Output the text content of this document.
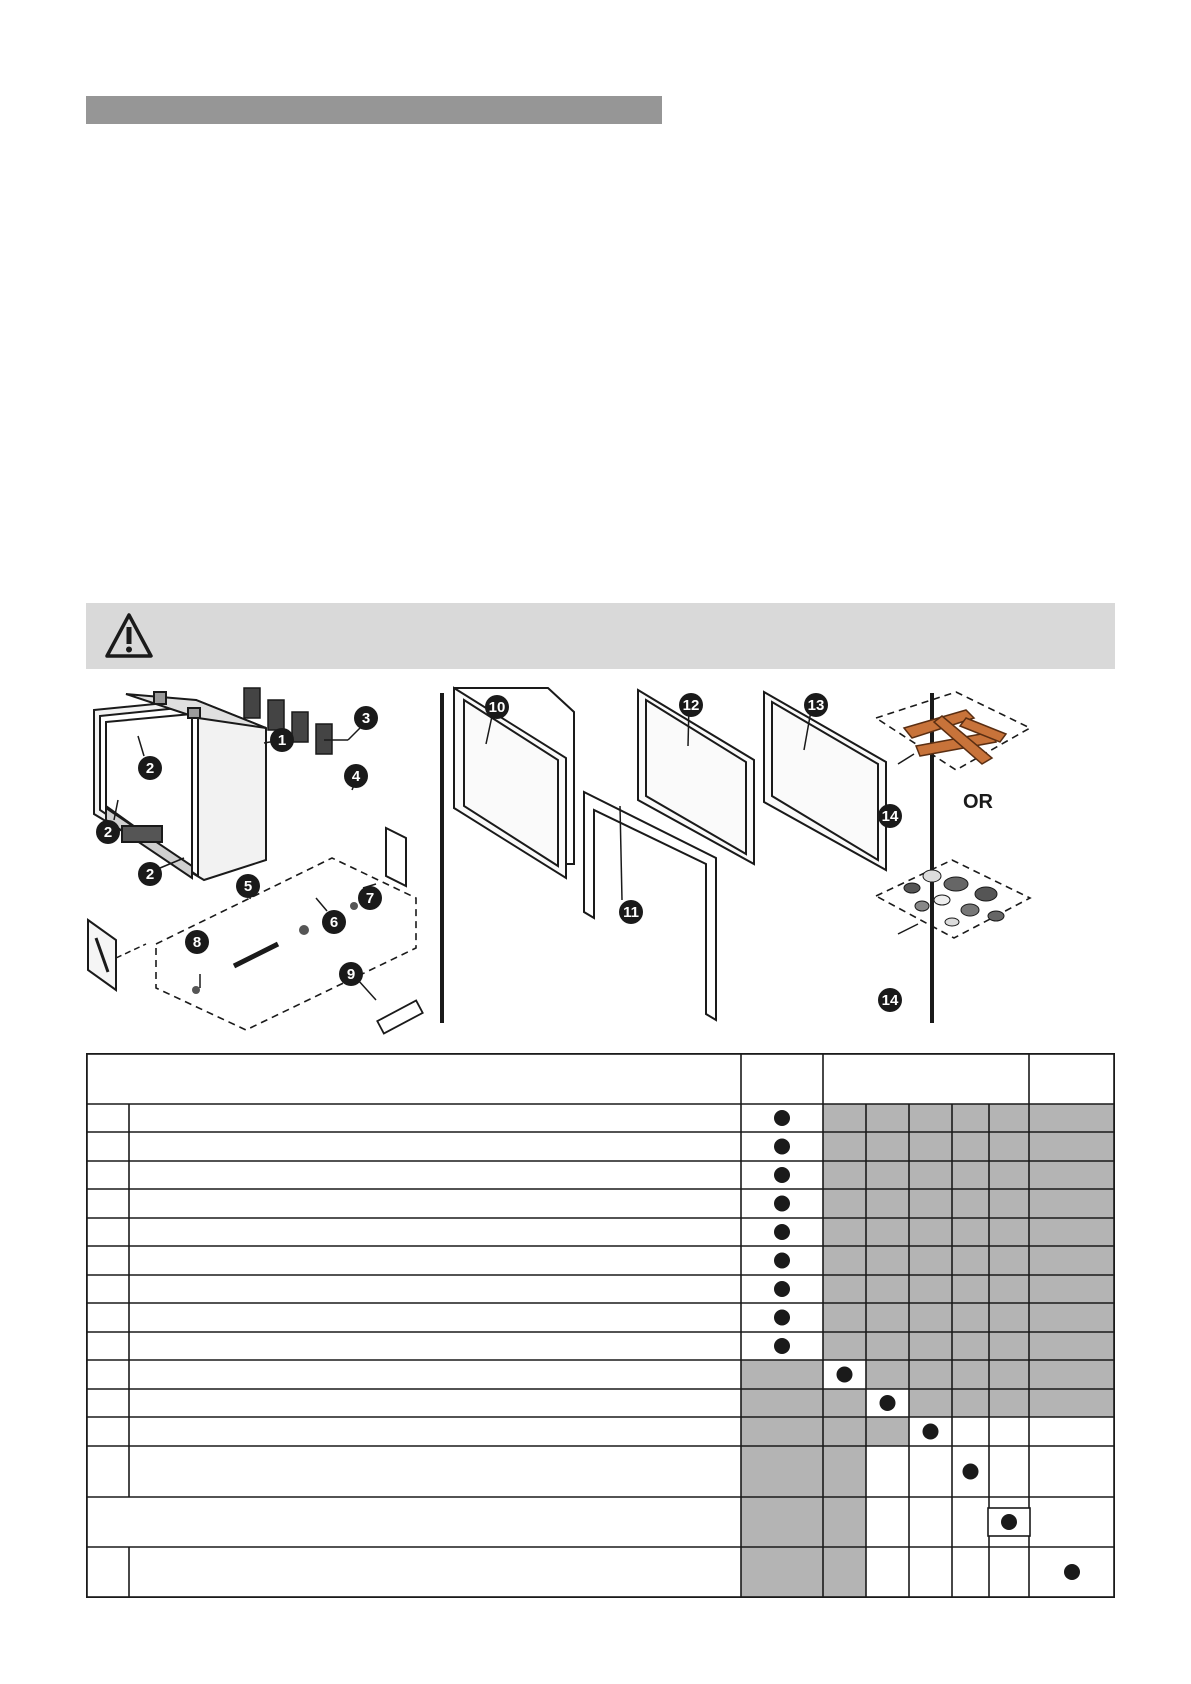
OR
1
2
2
2
3
4
5
6
7
8
9
10
11
12	13
14
14
